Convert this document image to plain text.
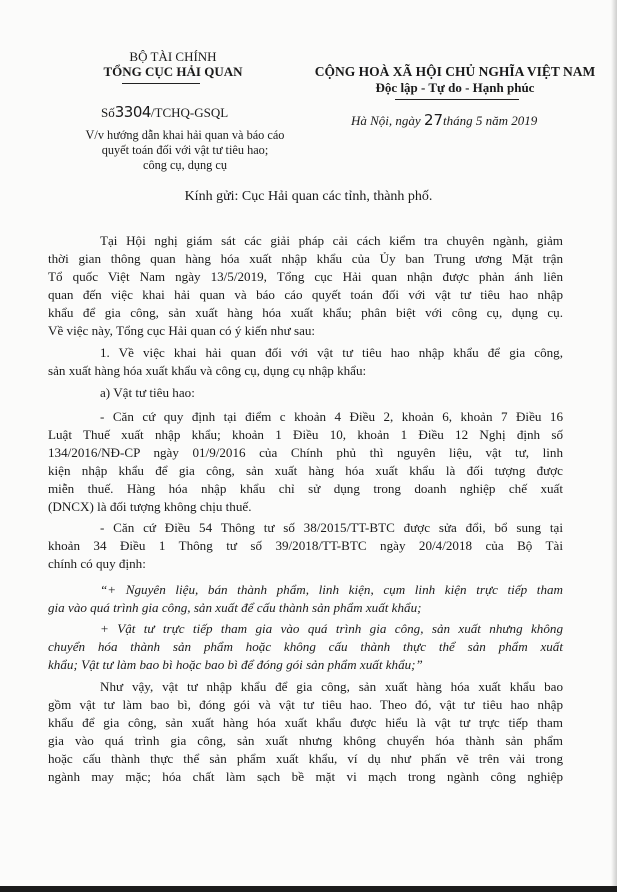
BỘ TÀI CHÍNH
TỔNG CỤC HẢI QUAN	CỘNG HOÀ XÃ HỘI CHỦ NGHĨA VIỆT NAM
Độc lập - Tự do - Hạnh phúc
Số3304/TCHQ-GSQL
Hà Nội, ngày 27tháng 5 năm 2019
V/v hướng dẫn khai hải quan và báo cáo
quyết toán đối với vật tư tiêu hao;
công cụ, dụng cụ
Kính gửi: Cục Hải quan các tỉnh, thành phố.
Tại Hội nghị giám sát các giải pháp cải cách kiểm tra chuyên ngành, giảm
thời gian thông quan hàng hóa xuất nhập khẩu của Ủy ban Trung ương Mặt trận
Tổ quốc Việt Nam ngày 13/5/2019, Tổng cục Hải quan nhận được phản ánh liên
quan đến việc khai hải quan và báo cáo quyết toán đối với vật tư tiêu hao nhập
khẩu để gia công, sản xuất hàng hóa xuất khẩu; phân biệt với công cụ, dụng cụ.
Về việc này, Tổng cục Hải quan có ý kiến như sau:
1. Về việc khai hải quan đối với vật tư tiêu hao nhập khẩu để gia công,
sản xuất hàng hóa xuất khẩu và công cụ, dụng cụ nhập khẩu:
a) Vật tư tiêu hao:
- Căn cứ quy định tại điểm c khoản 4 Điều 2, khoản 6, khoản 7 Điều 16
Luật Thuế xuất nhập khẩu; khoản 1 Điều 10, khoản 1 Điều 12 Nghị định số
134/2016/NĐ-CP ngày 01/9/2016 của Chính phủ thì nguyên liệu, vật tư, linh
kiện nhập khẩu để gia công, sản xuất hàng hóa xuất khẩu là đối tượng được
miễn thuế. Hàng hóa nhập khẩu chỉ sử dụng trong doanh nghiệp chế xuất
(DNCX) là đối tượng không chịu thuế.
- Căn cứ Điều 54 Thông tư số 38/2015/TT-BTC được sửa đổi, bổ sung tại
khoản 34 Điều 1 Thông tư số 39/2018/TT-BTC ngày 20/4/2018 của Bộ Tài
chính có quy định:
“+ Nguyên liệu, bán thành phẩm, linh kiện, cụm linh kiện trực tiếp tham
gia vào quá trình gia công, sản xuất để cấu thành sản phẩm xuất khẩu;
+ Vật tư trực tiếp tham gia vào quá trình gia công, sản xuất nhưng không
chuyển hóa thành sản phẩm hoặc không cấu thành thực thể sản phẩm xuất
khẩu; Vật tư làm bao bì hoặc bao bì để đóng gói sản phẩm xuất khẩu;”
Như vậy, vật tư nhập khẩu để gia công, sản xuất hàng hóa xuất khẩu bao
gồm vật tư làm bao bì, đóng gói và vật tư tiêu hao. Theo đó, vật tư tiêu hao nhập
khẩu để gia công, sản xuất hàng hóa xuất khẩu được hiểu là vật tư trực tiếp tham
gia vào quá trình gia công, sản xuất nhưng không chuyển hóa thành sản phẩm
hoặc cấu thành thực thể sản phẩm xuất khẩu, ví dụ như phấn vẽ trên vải trong
ngành may mặc; hóa chất làm sạch bề mặt vi mạch trong ngành công nghiệp
